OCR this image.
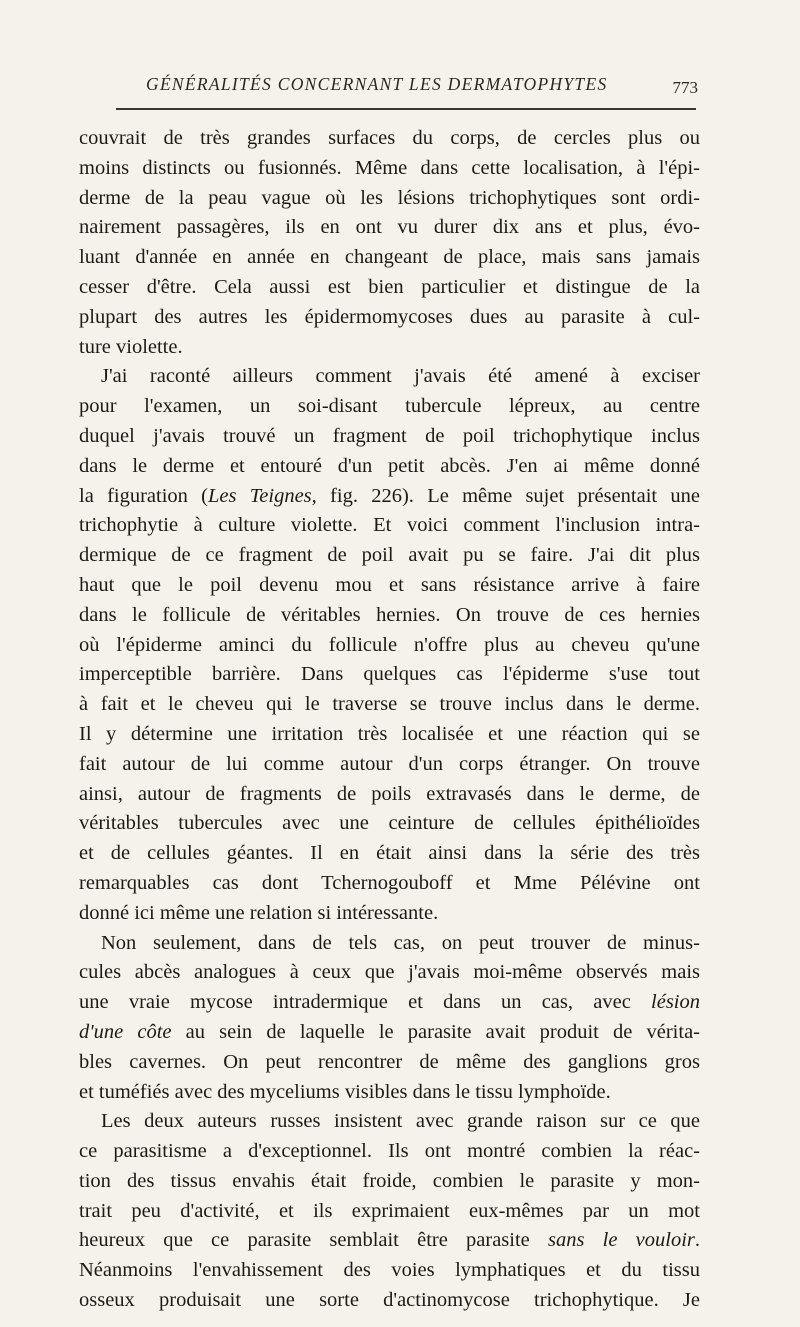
GÉNÉRALITÉS CONCERNANT LES DERMATOPHYTES	773
couvrait de très grandes surfaces du corps, de cercles plus ou
moins distincts ou fusionnés. Même dans cette localisation, à l'épi-
derme de la peau vague où les lésions trichophytiques sont ordi-
nairement passagères, ils en ont vu durer dix ans et plus, évo-
luant d'année en année en changeant de place, mais sans jamais
cesser d'être. Cela aussi est bien particulier et distingue de la
plupart des autres les épidermomycoses dues au parasite à cul-
ture violette.
J'ai raconté ailleurs comment j'avais été amené à exciser
pour l'examen, un soi-disant tubercule lépreux, au centre
duquel j'avais trouvé un fragment de poil trichophytique inclus
dans le derme et entouré d'un petit abcès. J'en ai même donné
la figuration (Les Teignes, fig. 226). Le même sujet présentait une
trichophytie à culture violette. Et voici comment l'inclusion intra-
dermique de ce fragment de poil avait pu se faire. J'ai dit plus
haut que le poil devenu mou et sans résistance arrive à faire
dans le follicule de véritables hernies. On trouve de ces hernies
où l'épiderme aminci du follicule n'offre plus au cheveu qu'une
imperceptible barrière. Dans quelques cas l'épiderme s'use tout
à fait et le cheveu qui le traverse se trouve inclus dans le derme.
Il y détermine une irritation très localisée et une réaction qui se
fait autour de lui comme autour d'un corps étranger. On trouve
ainsi, autour de fragments de poils extravasés dans le derme, de
véritables tubercules avec une ceinture de cellules épithélioïdes
et de cellules géantes. Il en était ainsi dans la série des très
remarquables cas dont Tchernogouboff et Mme Pélévine ont
donné ici même une relation si intéressante.
Non seulement, dans de tels cas, on peut trouver de minus-
cules abcès analogues à ceux que j'avais moi-même observés mais
une vraie mycose intradermique et dans un cas, avec lésion
d'une côte au sein de laquelle le parasite avait produit de vérita-
bles cavernes. On peut rencontrer de même des ganglions gros
et tuméfiés avec des myceliums visibles dans le tissu lymphoïde.
Les deux auteurs russes insistent avec grande raison sur ce que
ce parasitisme a d'exceptionnel. Ils ont montré combien la réac-
tion des tissus envahis était froide, combien le parasite y mon-
trait peu d'activité, et ils exprimaient eux-mêmes par un mot
heureux que ce parasite semblait être parasite sans le vouloir.
Néanmoins l'envahissement des voies lymphatiques et du tissu
osseux produisait une sorte d'actinomycose trichophytique. Je
